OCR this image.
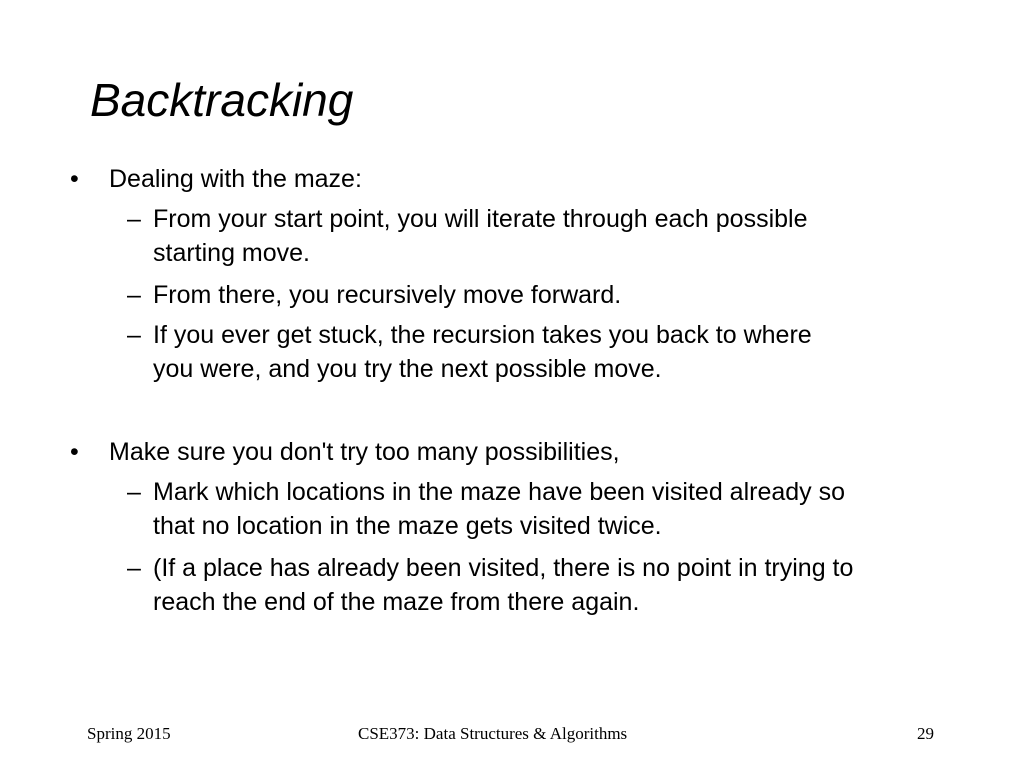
Backtracking
• Dealing with the maze:

– From your start point, you will iterate through each possible

starting move.

– From there, you recursively move forward.

– If you ever get stuck, the recursion takes you back to where

you were, and you try the next possible move.

• Make sure you don't try too many possibilities,

– Mark which locations in the maze have been visited already so

that no location in the maze gets visited twice.

– (If a place has already been visited, there is no point in trying to

reach the end of the maze from there again.

Spring 2015	CSE373: Data Structures & Algorithms	29
